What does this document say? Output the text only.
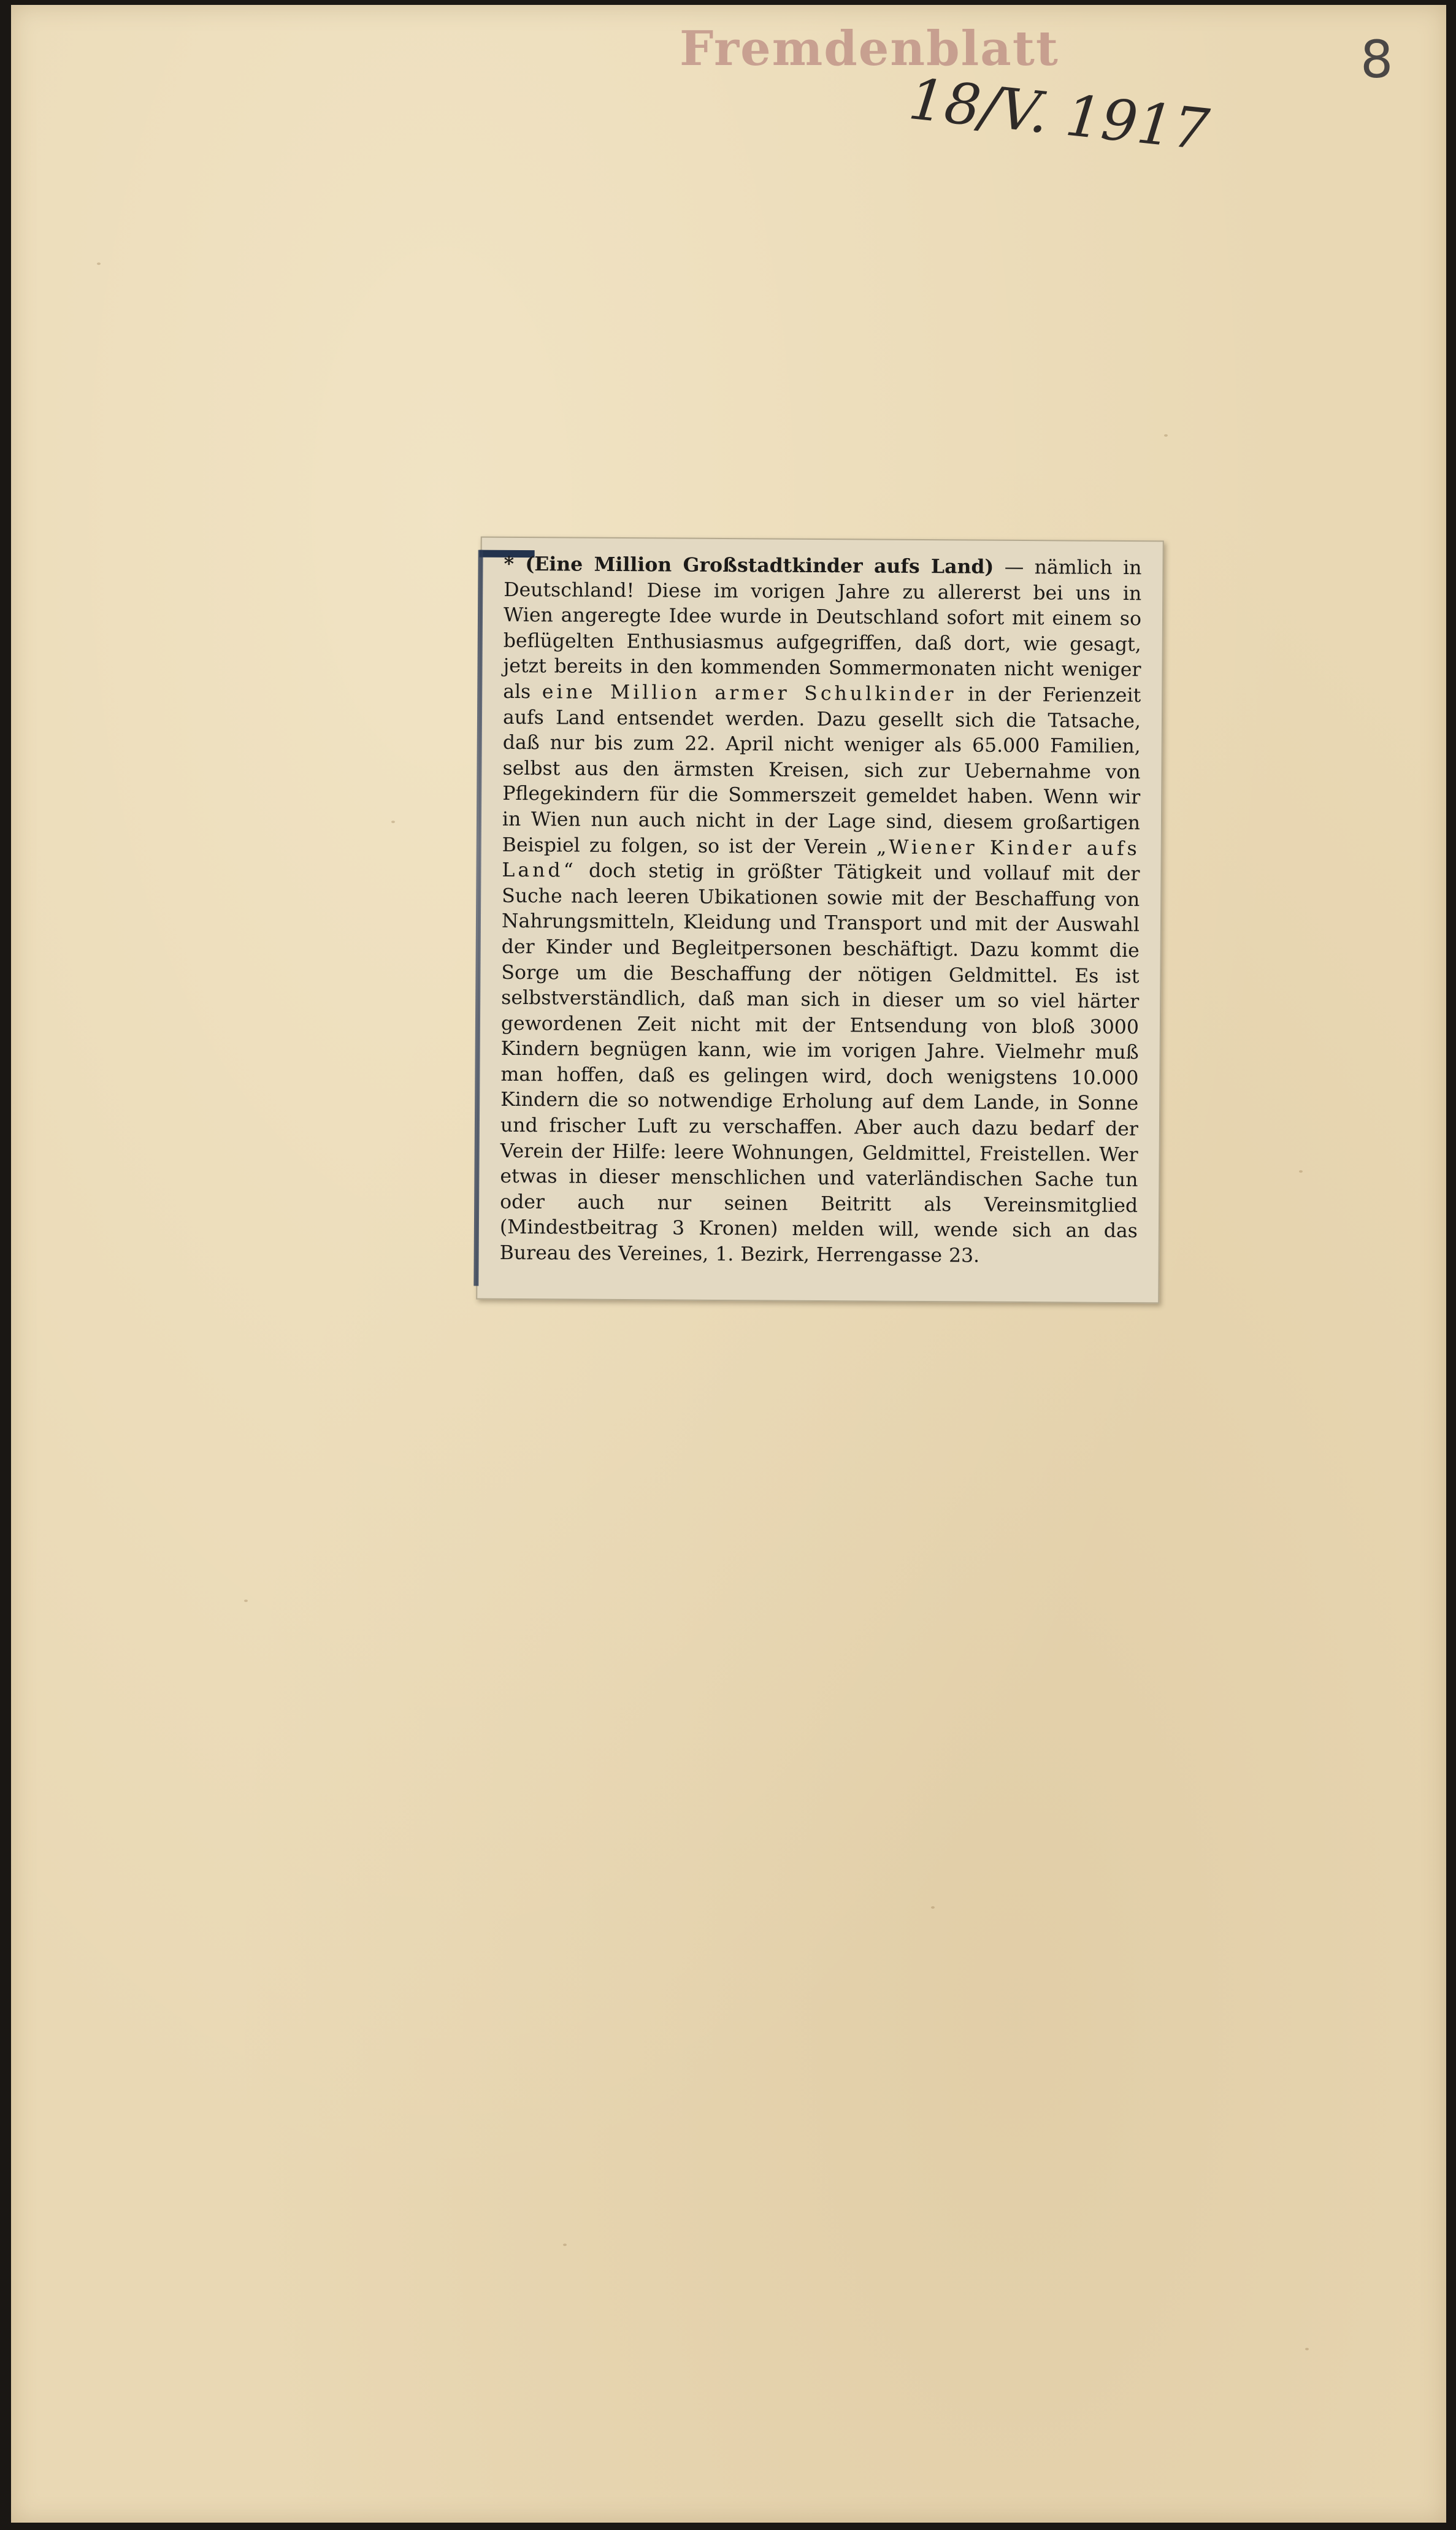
Fremdenblatt
18/V. 1917
8
* (Eine Million Großstadtkinder aufs Land) — nämlich in Deutschland! Diese im vorigen Jahre zu allererst bei uns in Wien angeregte Idee wurde in Deutschland sofort mit einem so beflügelten Enthusiasmus aufgegriffen, daß dort, wie gesagt, jetzt bereits in den kommenden Sommermonaten nicht weniger als eine Million armer Schulkinder in der Ferienzeit aufs Land entsendet werden. Dazu gesellt sich die Tatsache, daß nur bis zum 22. April nicht weniger als 65.000 Familien, selbst aus den ärmsten Kreisen, sich zur Uebernahme von Pflegekindern für die Sommerszeit gemeldet haben. Wenn wir in Wien nun auch nicht in der Lage sind, diesem großartigen Beispiel zu folgen, so ist der Verein „Wiener Kinder aufs Land“ doch stetig in größter Tätigkeit und vollauf mit der Suche nach leeren Ubikationen sowie mit der Beschaffung von Nahrungsmitteln, Kleidung und Transport und mit der Auswahl der Kinder und Begleitpersonen beschäftigt. Dazu kommt die Sorge um die Beschaffung der nötigen Geldmittel. Es ist selbstverständlich, daß man sich in dieser um so viel härter gewordenen Zeit nicht mit der Entsendung von bloß 3000 Kindern begnügen kann, wie im vorigen Jahre. Vielmehr muß man hoffen, daß es gelingen wird, doch wenigstens 10.000 Kindern die so notwendige Erholung auf dem Lande, in Sonne und frischer Luft zu verschaffen. Aber auch dazu bedarf der Verein der Hilfe: leere Wohnungen, Geldmittel, Freistellen. Wer etwas in dieser menschlichen und vaterländischen Sache tun oder auch nur seinen Beitritt als Vereinsmitglied (Mindestbeitrag 3 Kronen) melden will, wende sich an das Bureau des Vereines, 1. Bezirk, Herrengasse 23.
